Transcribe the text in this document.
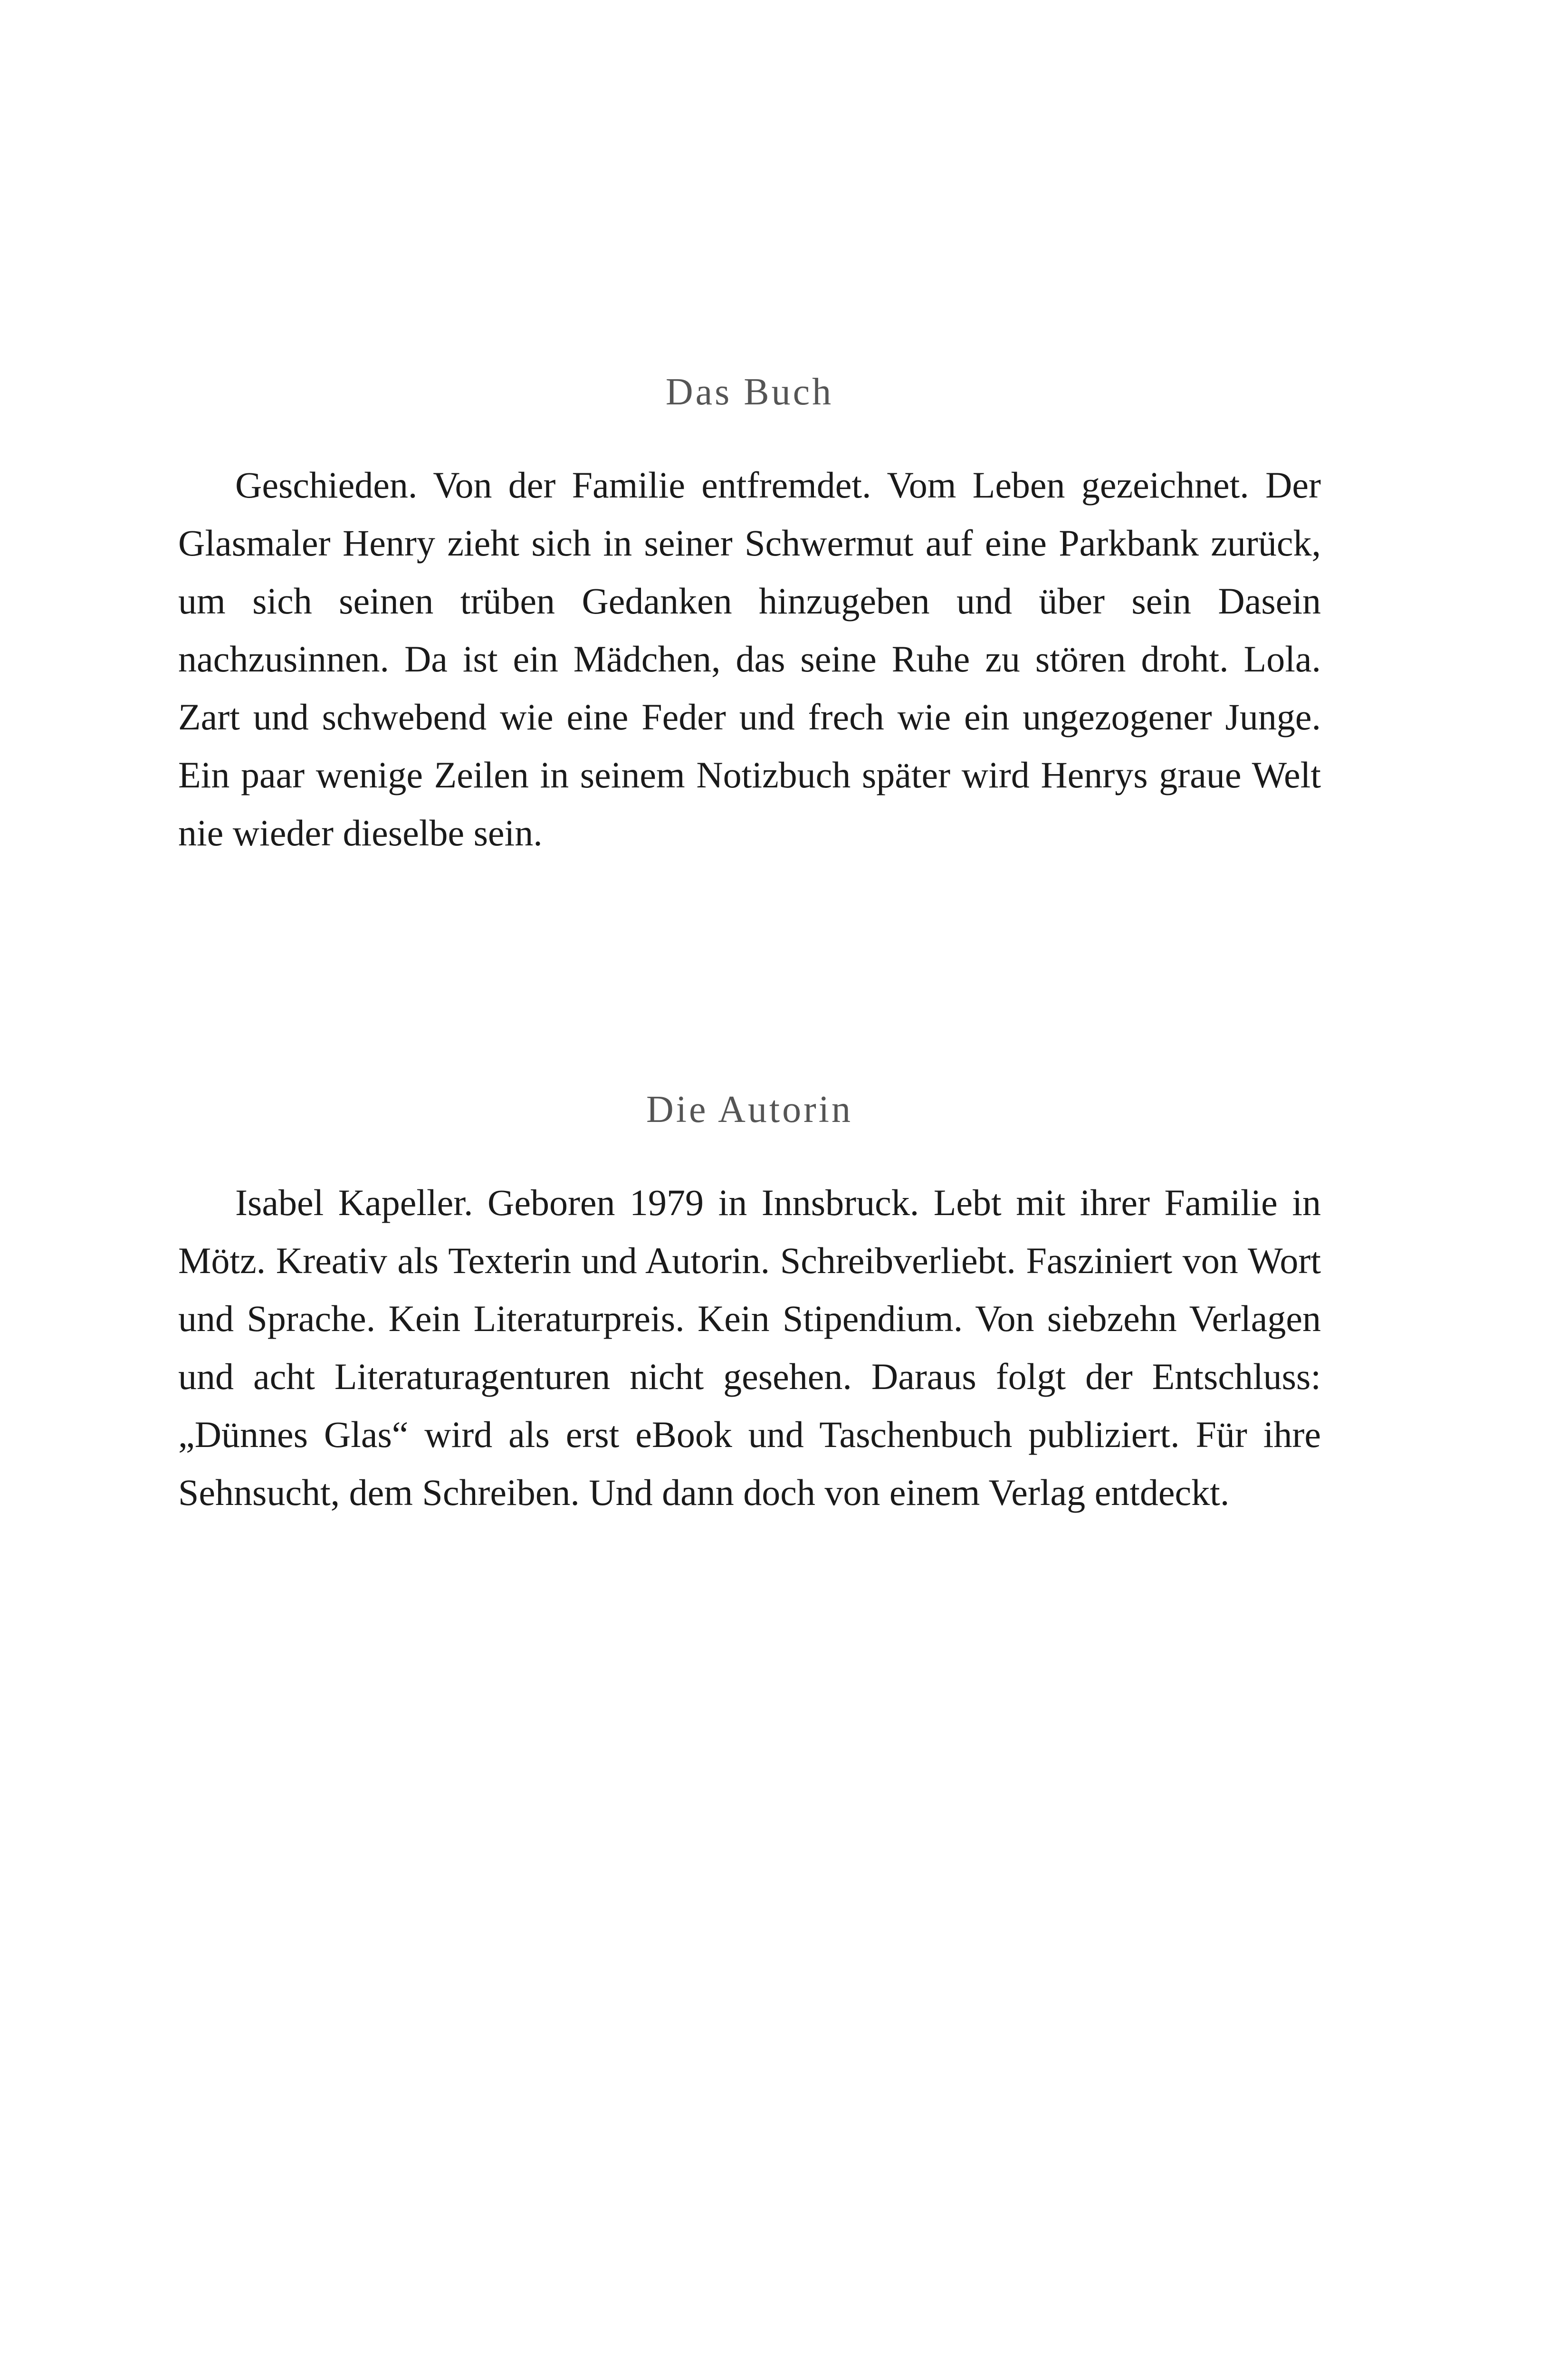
Das Buch

Geschieden. Von der Familie entfremdet. Vom Leben gezeichnet. Der Glasmaler Henry zieht sich in seiner Schwermut auf eine Parkbank zurück, um sich seinen trüben Gedanken hinzugeben und über sein Dasein nachzusinnen. Da ist ein Mädchen, das seine Ruhe zu stören droht. Lola. Zart und schwebend wie eine Feder und frech wie ein ungezogener Junge. Ein paar wenige Zeilen in seinem Notizbuch später wird Henrys graue Welt nie wieder dieselbe sein.

Die Autorin

Isabel Kapeller. Geboren 1979 in Innsbruck. Lebt mit ihrer Familie in Mötz. Kreativ als Texterin und Autorin. Schreibverliebt. Fasziniert von Wort und Sprache. Kein Literaturpreis. Kein Stipendium. Von siebzehn Verlagen und acht Literaturagenturen nicht gesehen. Daraus folgt der Entschluss: „Dünnes Glas“ wird als erst eBook und Taschenbuch publiziert. Für ihre Sehnsucht, dem Schreiben. Und dann doch von einem Verlag entdeckt.
